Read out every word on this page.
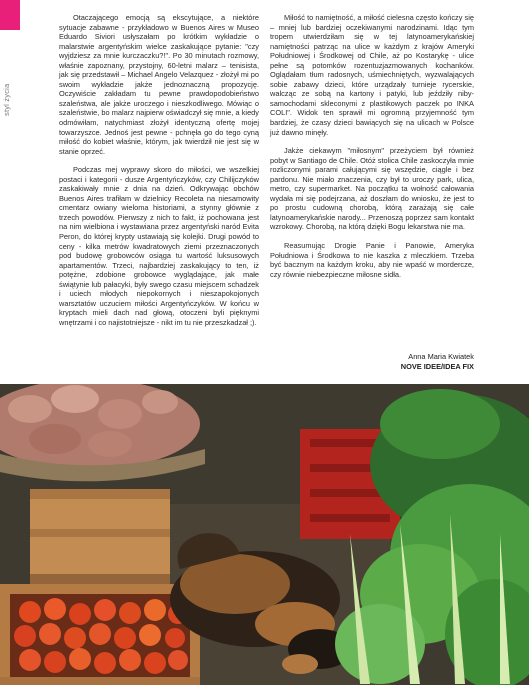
styl życia

Otaczającego emocją są ekscytujące, a niektóre sytuacje zabawne - przykładowo w Buenos Aires w Museo Eduardo Siviori usłyszałam po krótkim wykładzie o malarstwie argentyńskim wielce zaskakujące pytanie: "czy wyjdziesz za mnie kurczaczku?!". Po 30 minutach rozmowy, właśnie zapoznany, przystojny, 60-letni malarz – tenisista, jak się przedstawił – Michael Angelo Velazquez - złożył mi po swoim wykładzie jakże jednoznaczną propozycję. Oczywiście zakładam tu pewne prawdopodobieństwo szaleństwa, ale jakże uroczego i nieszkodliwego. Mówiąc o szaleństwie, bo malarz najpierw oświadczył się mnie, a kiedy odmówiłam, natychmiast złożył identyczną ofertę mojej towarzyszce. Jednoś jest pewne - pchnęła go do tego cyną miłość do kobiet właśnie, którym, jak twierdził nie jest się w stanie oprzeć.

Podczas mej wyprawy skorо do miłości, we wszelkiej postaci i kategorii - dusze Argentyńczyków, czy Chilijczyków zaskakiwały mnie z dnia na dzień. Odkrywając obchów Buenos Aires trafiłam w dzielnicy Recoleta na niesamowity cmentarz owiany wieloma historiami, a stynny głównie z trzech powodów. Pierwszy z nich to fakt, iż pochowana jest na nim wielbiona i wystawiana przez argentyński naród Evita Peron, do której krypty ustawiają się kolejki. Drugi powód to ceny - kilka metrów kwadratowych ziemi przeznaczonych pod budowę grobowców osiąga tu wartość luksusowych apartamentów. Trzeci, najbardziej zaskakujący to ten, iż potężne, zdobione grobowce wyglądające, jak małe świątynie lub pałacyki, były swego czasu miejscem schadzek i uciech młodych niepokornych i nieszapokojonych warsztatów uczuciem miłości Argentyńczyków. W końcu w kryptach mieli dach nad głową, otoczeni byli pięknymi wnętrzami i co najistotniejsze - nikt im tu nie przeszkadzał ;).

Miłość to namiętność, a miłość cielesna często kończy się – mniej lub bardziej oczekiwanymi narodzinami. Idąc tym tropem utwierdziłam się w tej latynoamerykańskiej namiętności patrząc na ulice w każdym z krajów Ameryki Południowej i Środkowej od Chile, aż po Kostarykę - ulice pełne są potomków rozentuzjazmowanych kochanków. Oglądałam tłum radosnych, uśmiechniętych, wyzwalających sobie zabawy dzieci, które urządzały turnieje rycerskie, walcząc ze sobą na kartony i patyki, lub jeździły niby-samochodami skleconymi z plastikowych paczek po INKA COLI". Widok ten sprawił mi ogromną przyjemność tym bardziej, że czasy dzieci bawiących się na ulicach w Polsce już dawno minęły.

Jakże ciekawym "miłosnym" przeżyciem był również pobyt w Santiago de Chile. Otóż stolica Chile zaskoczyła mnie rozliczonymi parami całującymi się wszędzie, ciągle i bez pardonu. Nie miało znaczenia, czy był to uroczy park, ulica, metro, czy supermarket. Na początku ta wołność całowania wydała mi się podejrzana, aż doszłam do wniosku, że jest to po prostu cudowną chorobą, którą zarażają się całe latynoamerykańskie narody... Przenoszą poprzez sam kontakt wzrokowy. Chorobą, na którą dzięki Bogu lekarstwa nie ma.

Reasumując Drogie Panie i Panowie, Ameryka Południowa i Środkowa to nie kaszka z mleczkiem. Trzeba być bacznym na każdym kroku, aby nie wpaść w mordercze, czy równie niebezpieczne miłosne sidła.

Anna Maria Kwiatek
NOVE IDEE/IDEA FIX
